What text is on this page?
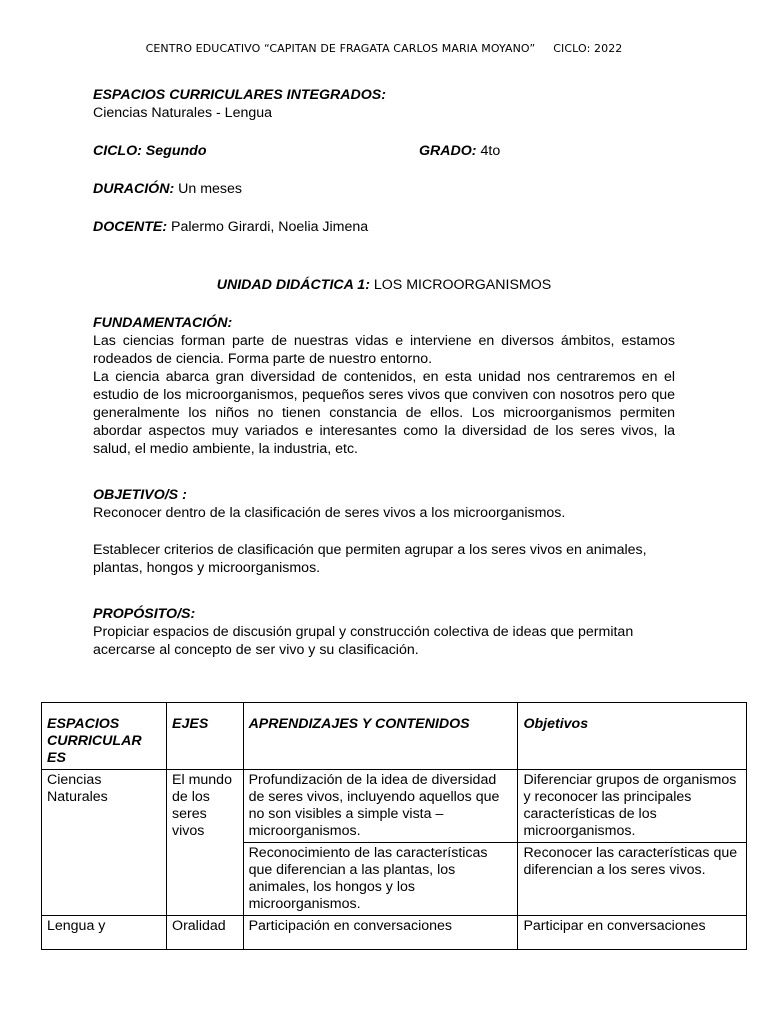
CENTRO EDUCATIVO “CAPITAN DE FRAGATA CARLOS MARIA MOYANO” CICLO: 2022
ESPACIOS CURRICULARES INTEGRADOS:
Ciencias Naturales - Lengua
CICLO: Segundo	GRADO: 4to
DURACIÓN: Un meses
DOCENTE: Palermo Girardi, Noelia Jimena
UNIDAD DIDÁCTICA 1: LOS MICROORGANISMOS
FUNDAMENTACIÓN:
Las ciencias forman parte de nuestras vidas e interviene en diversos ámbitos, estamos rodeados de ciencia. Forma parte de nuestro entorno.
La ciencia abarca gran diversidad de contenidos, en esta unidad nos centraremos en el estudio de los microorganismos, pequeños seres vivos que conviven con nosotros pero que generalmente los niños no tienen constancia de ellos. Los microorganismos permiten abordar aspectos muy variados e interesantes como la diversidad de los seres vivos, la salud, el medio ambiente, la industria, etc.
OBJETIVO/S :
Reconocer dentro de la clasificación de seres vivos a los microorganismos.
Establecer criterios de clasificación que permiten agrupar a los seres vivos en animales, plantas, hongos y microorganismos.
PROPÓSITO/S:
Propiciar espacios de discusión grupal y construcción colectiva de ideas que permitan acercarse al concepto de ser vivo y su clasificación.
ESPACIOS CURRICULAR ES	EJES	APRENDIZAJES Y CONTENIDOS	Objetivos
Ciencias Naturales	El mundo de los seres vivos	Profundización de la idea de diversidad de seres vivos, incluyendo aquellos que no son visibles a simple vista – microorganismos.	Diferenciar grupos de organismos y reconocer las principales características de los microorganismos.
		Reconocimiento de las características que diferencian a las plantas, los animales, los hongos y los microorganismos.	Reconocer las características que diferencian a los seres vivos.
Lengua y	Oralidad	Participación en conversaciones	Participar en conversaciones
